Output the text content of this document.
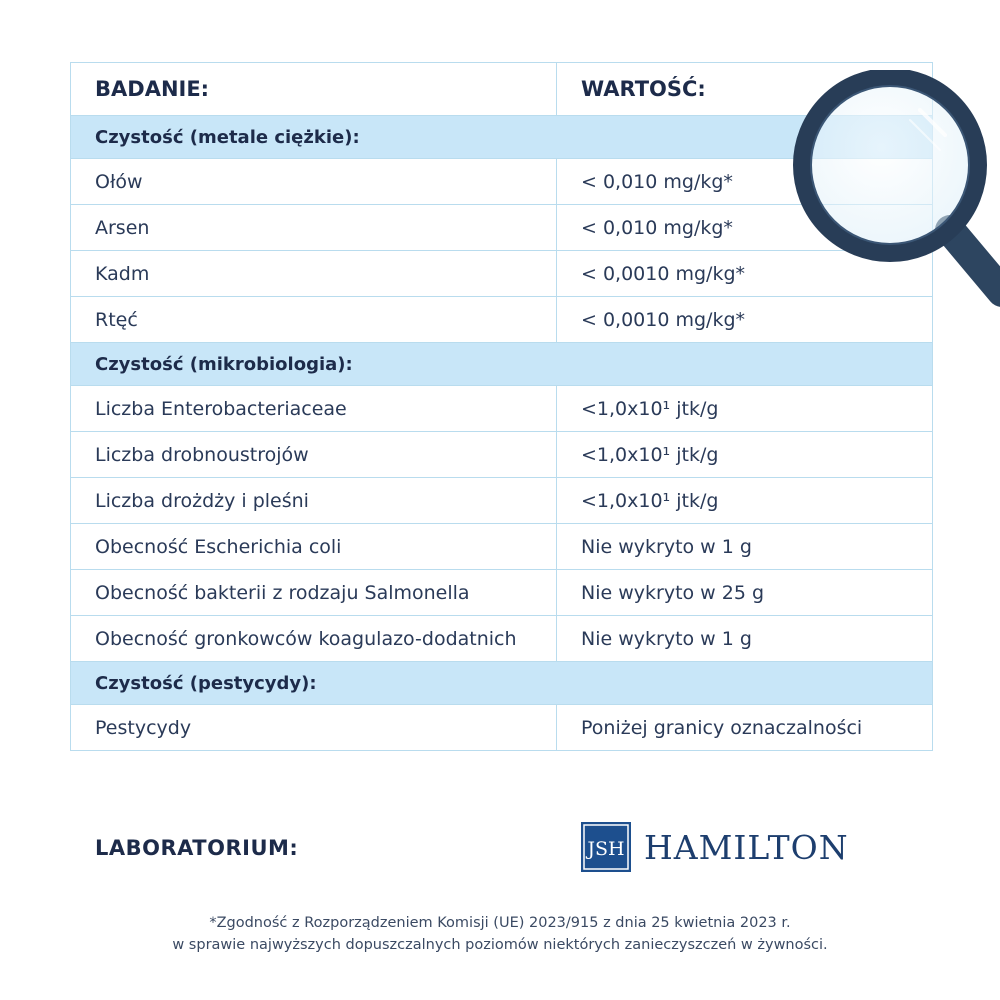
BADANIE:	WARTOŚĆ:
Czystość (metale ciężkie):	
Ołów	< 0,010 mg/kg*
Arsen	< 0,010 mg/kg*
Kadm	< 0,0010 mg/kg*
Rtęć	< 0,0010 mg/kg*
Czystość (mikrobiologia):	
Liczba Enterobacteriaceae	<1,0x10¹ jtk/g
Liczba drobnoustrojów	<1,0x10¹ jtk/g
Liczba drożdży i pleśni	<1,0x10¹ jtk/g
Obecność Escherichia coli	Nie wykryto w 1 g
Obecność bakterii z rodzaju Salmonella	Nie wykryto w 25 g
Obecność gronkowców koagulazo-dodatnich	Nie wykryto w 1 g
Czystość (pestycydy):	
Pestycydy	Poniżej granicy oznaczalności
LABORATORIUM:	JSH HAMILTON

*Zgodność z Rozporządzeniem Komisji (UE) 2023/915 z dnia 25 kwietnia 2023 r.

w sprawie najwyższych dopuszczalnych poziomów niektórych zanieczyszczeń w żywności.
